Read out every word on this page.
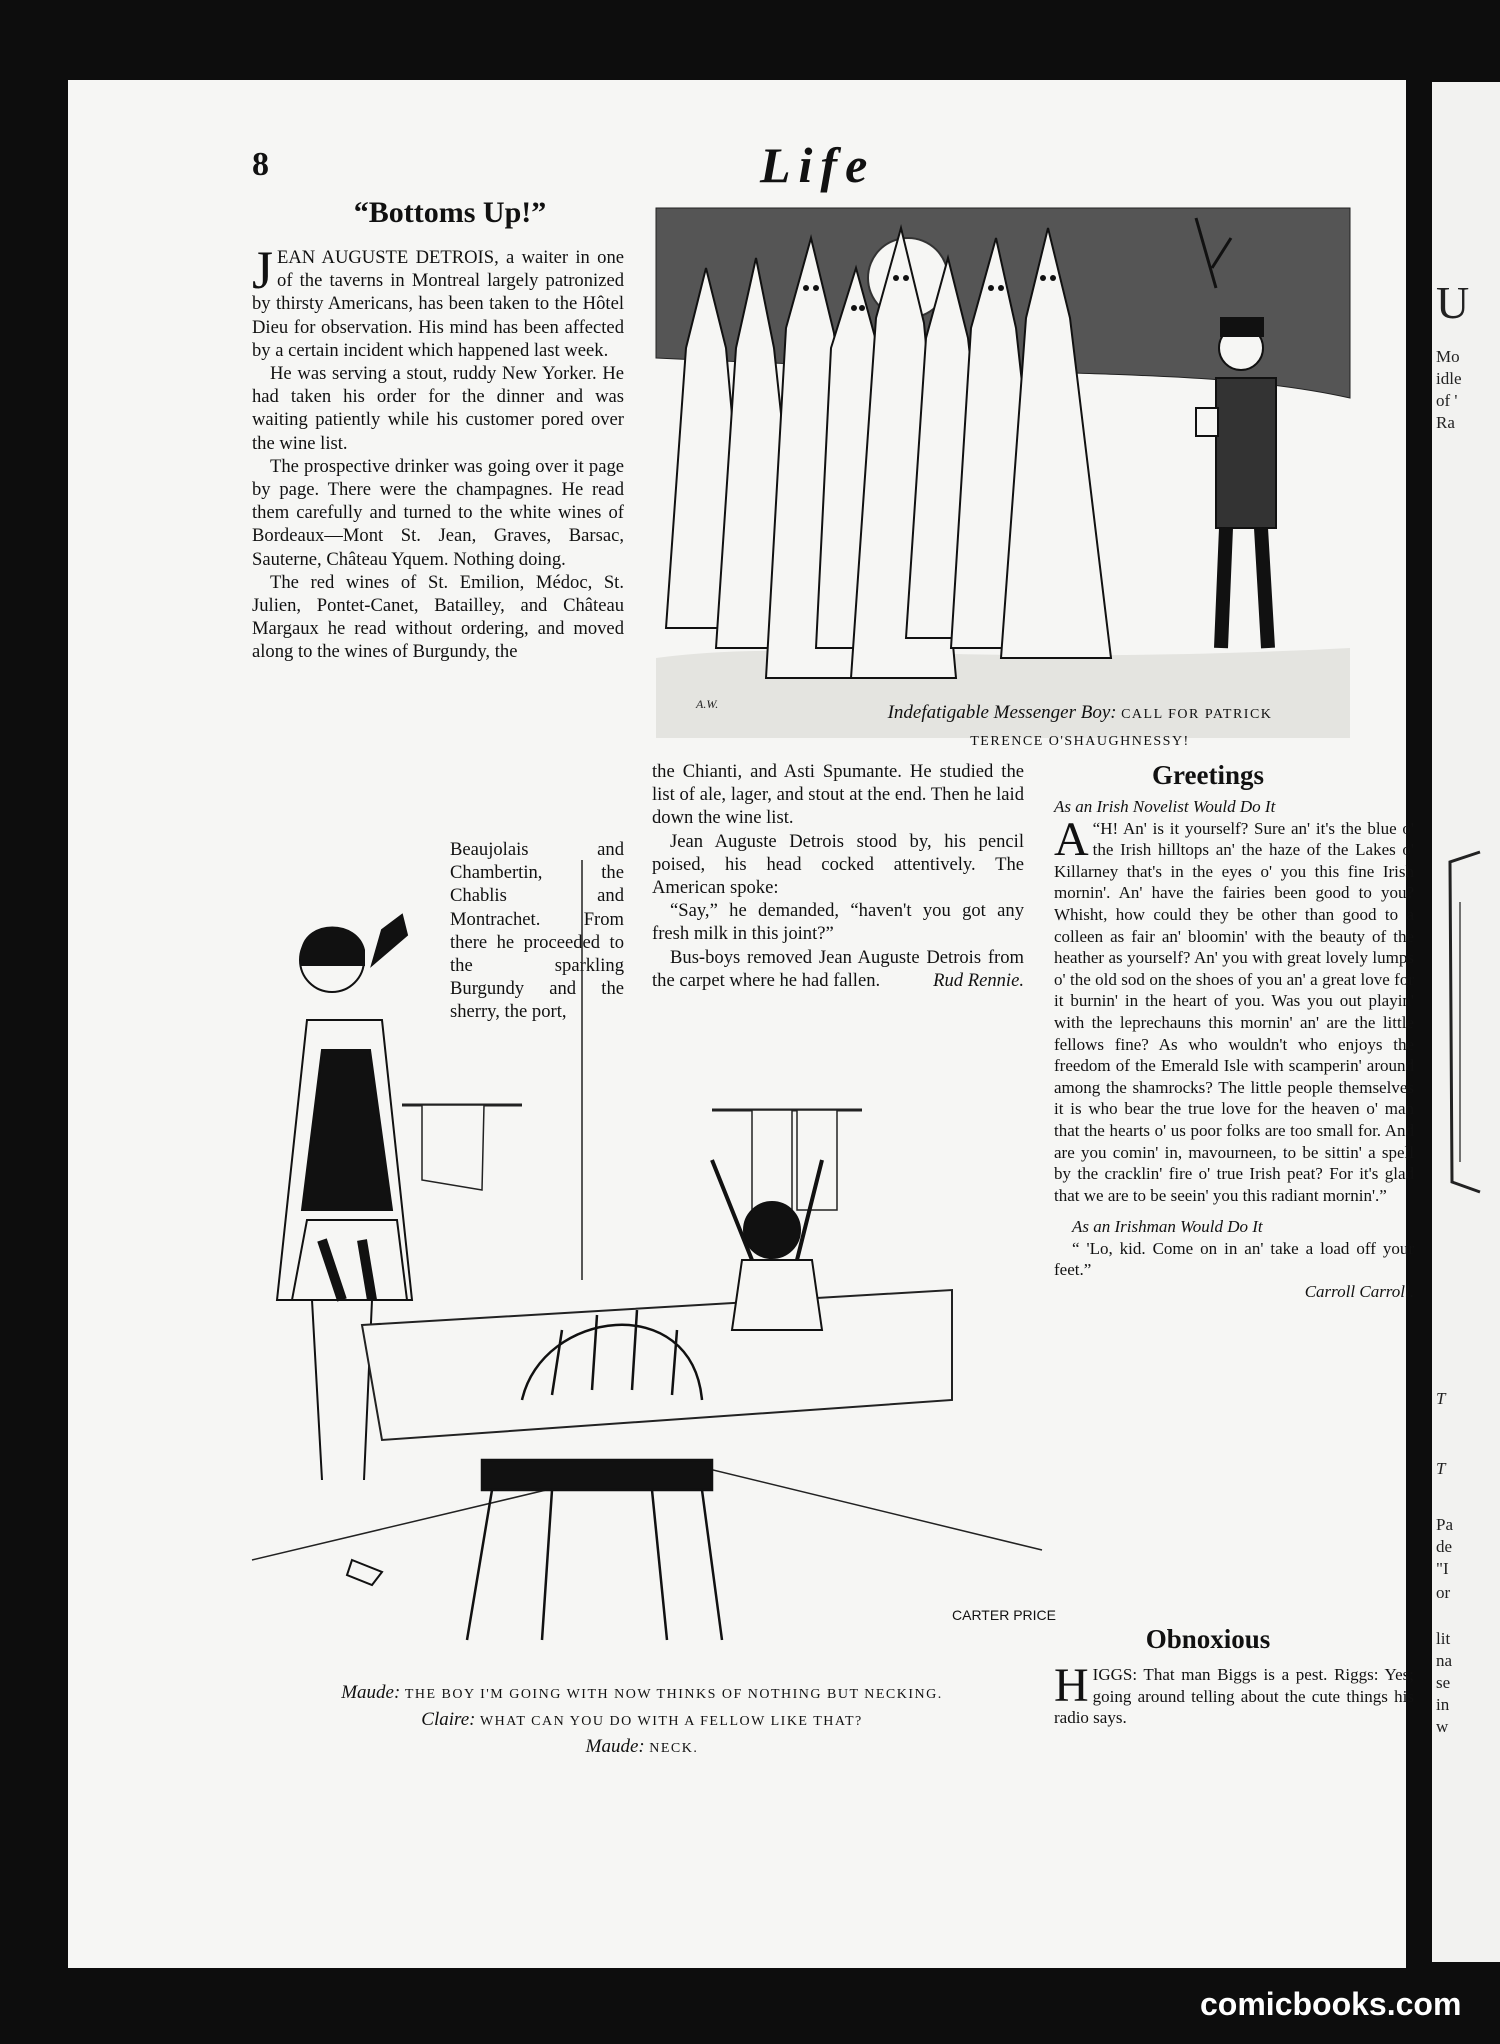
U
Mo
idle
of '
Ra
T
T
Pa
de
"I
or
lit
na
se
in
w
8	Life
“Bottoms Up!”

JEAN AUGUSTE DETROIS, a waiter in one of the taverns in Montreal largely patronized by thirsty Americans, has been taken to the Hôtel Dieu for observation. His mind has been affected by a certain incident which happened last week.

He was serving a stout, ruddy New Yorker. He had taken his order for the dinner and was waiting patiently while his customer pored over the wine list.

The prospective drinker was going over it page by page. There were the champagnes. He read them carefully and turned to the white wines of Bordeaux—Mont St. Jean, Graves, Barsac, Sauterne, Château Yquem. Nothing doing.

The red wines of St. Emilion, Médoc, St. Julien, Pontet-Canet, Batailley, and Château Margaux he read without ordering, and moved along to the wines of Burgundy, the

Beaujolais and Chambertin, the Chablis and Montrachet. From there he proceeded to the sparkling Burgundy and the sherry, the port,

the Chianti, and Asti Spumante. He studied the list of ale, lager, and stout at the end. Then he laid down the wine list.

Jean Auguste Detrois stood by, his pencil poised, his head cocked attentively. The American spoke:

“Say,” he demanded, “haven't you got any fresh milk in this joint?”

Bus-boys removed Jean Auguste Detrois from the carpet where he had fallen.	Rud Rennie.
A.W.	Indefatigable Messenger Boy: CALL FOR PATRICK
TERENCE O'SHAUGHNESSY!
Greetings

As an Irish Novelist Would Do It

“
A H! An' is it yourself? Sure an' it's the blue o' the Irish hilltops an' the haze of the Lakes o' Killarney that's in the eyes o' you this fine Irish mornin'. An' have the fairies been good to you? Whisht, how could they be other than good to a colleen as fair an' bloomin' with the beauty of the heather as yourself? An' you with great lovely lumps o' the old sod on the shoes of you an' a great love for it burnin' in the heart of you. Was you out playin' with the leprechauns this mornin' an' are the little fellows fine? As who wouldn't who enjoys the freedom of the Emerald Isle with scamperin' around among the shamrocks? The little people themselves it is who bear the true love for the heaven o' man that the hearts o' us poor folks are too small for. And are you comin' in, mavourneen, to be sittin' a spell by the cracklin' fire o' true Irish peat? For it's glad that we are to be seein' you this radiant mornin'.”

As an Irishman Would Do It

“ 'Lo, kid. Come on in an' take a load off your feet.”

Carroll Carroll.
Obnoxious

HIGGS: That man Biggs is a pest. Riggs: Yes; going around telling about the cute things his radio says.

CARTER PRICE
Maude: THE BOY I'M GOING WITH NOW THINKS OF NOTHING BUT NECKING.
Claire: WHAT CAN YOU DO WITH A FELLOW LIKE THAT?
Maude: NECK.
comicbooks.com
